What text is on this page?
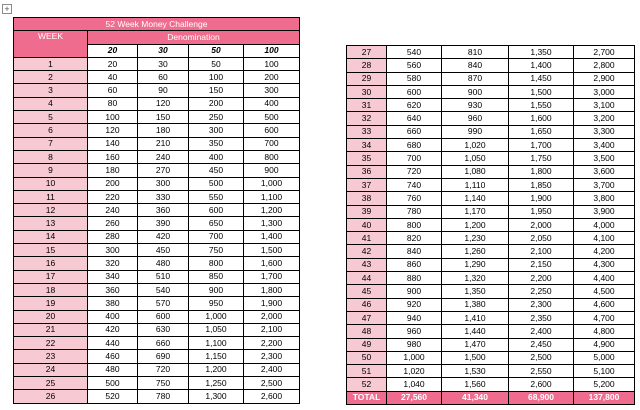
+
52 Week Money Challenge				
WEEK	Denomination			
	20	30	50	100
1	20	30	50	100
2	40	60	100	200
3	60	90	150	300
4	80	120	200	400
5	100	150	250	500
6	120	180	300	600
7	140	210	350	700
8	160	240	400	800
9	180	270	450	900
10	200	300	500	1,000
11	220	330	550	1,100
12	240	360	600	1,200
13	260	390	650	1,300
14	280	420	700	1,400
15	300	450	750	1,500
16	320	480	800	1,600
17	340	510	850	1,700
18	360	540	900	1,800
19	380	570	950	1,900
20	400	600	1,000	2,000
21	420	630	1,050	2,100
22	440	660	1,100	2,200
23	460	690	1,150	2,300
24	480	720	1,200	2,400
25	500	750	1,250	2,500
26	520	780	1,300	2,600
27	540	810	1,350	2,700
28	560	840	1,400	2,800
29	580	870	1,450	2,900
30	600	900	1,500	3,000
31	620	930	1,550	3,100
32	640	960	1,600	3,200
33	660	990	1,650	3,300
34	680	1,020	1,700	3,400
35	700	1,050	1,750	3,500
36	720	1,080	1,800	3,600
37	740	1,110	1,850	3,700
38	760	1,140	1,900	3,800
39	780	1,170	1,950	3,900
40	800	1,200	2,000	4,000
41	820	1,230	2,050	4,100
42	840	1,260	2,100	4,200
43	860	1,290	2,150	4,300
44	880	1,320	2,200	4,400
45	900	1,350	2,250	4,500
46	920	1,380	2,300	4,600
47	940	1,410	2,350	4,700
48	960	1,440	2,400	4,800
49	980	1,470	2,450	4,900
50	1,000	1,500	2,500	5,000
51	1,020	1,530	2,550	5,100
52	1,040	1,560	2,600	5,200
TOTAL	27,560	41,340	68,900	137,800
